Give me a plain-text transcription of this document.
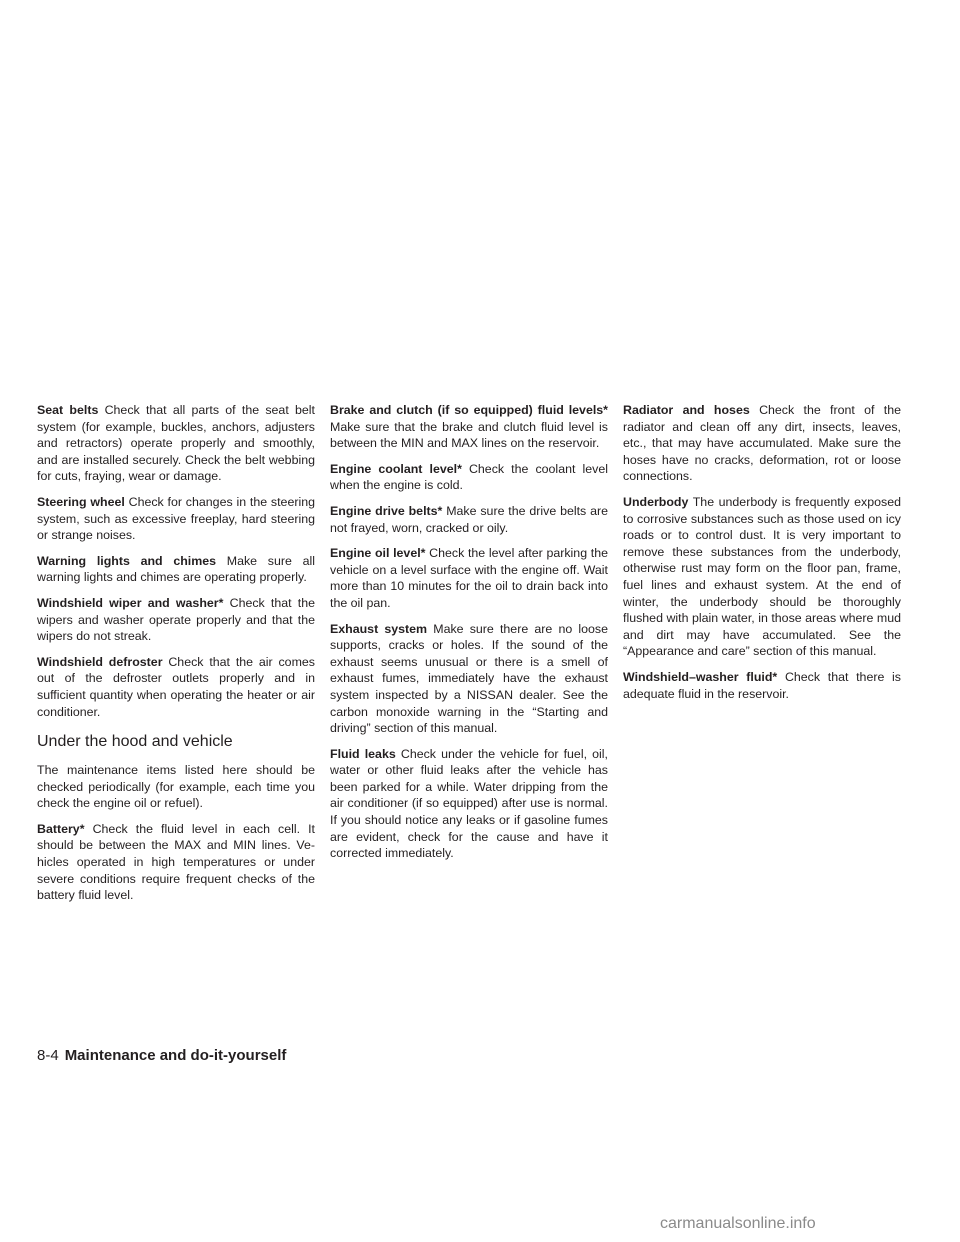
Seat belts Check that all parts of the seat belt system (for example, buckles, anchors, adjusters and retractors) operate properly and smoothly, and are installed securely. Check the belt webbing for cuts, fraying, wear or damage.

Steering wheel Check for changes in the steering system, such as excessive freeplay, hard steering or strange noises.

Warning lights and chimes Make sure all warning lights and chimes are operating properly.

Windshield wiper and washer* Check that the wipers and washer operate properly and that the wipers do not streak.

Windshield defroster Check that the air comes out of the defroster outlets properly and in sufficient quantity when operating the heater or air conditioner.

Under the hood and vehicle

The maintenance items listed here should be checked periodically (for example, each time you check the engine oil or refuel).

Battery* Check the fluid level in each cell. It should be between the MAX and MIN lines. Vehicles operated in high temperatures or under severe conditions require frequent checks of the battery fluid level.

Brake and clutch (if so equipped) fluid levels* Make sure that the brake and clutch fluid level is between the MIN and MAX lines on the reservoir.

Engine coolant level* Check the coolant level when the engine is cold.

Engine drive belts* Make sure the drive belts are not frayed, worn, cracked or oily.

Engine oil level* Check the level after parking the vehicle on a level surface with the engine off. Wait more than 10 minutes for the oil to drain back into the oil pan.

Exhaust system Make sure there are no loose supports, cracks or holes. If the sound of the exhaust seems unusual or there is a smell of exhaust fumes, immediately have the exhaust system inspected by a NISSAN dealer. See the carbon monoxide warning in the “Starting and driving” section of this manual.

Fluid leaks Check under the vehicle for fuel, oil, water or other fluid leaks after the vehicle has been parked for a while. Water dripping from the air conditioner (if so equipped) after use is normal. If you should notice any leaks or if gasoline fumes are evident, check for the cause and have it corrected immediately.

Radiator and hoses Check the front of the radiator and clean off any dirt, insects, leaves, etc., that may have accumulated. Make sure the hoses have no cracks, deformation, rot or loose connections.

Underbody The underbody is frequently exposed to corrosive substances such as those used on icy roads or to control dust. It is very important to remove these substances from the underbody, otherwise rust may form on the floor pan, frame, fuel lines and exhaust system. At the end of winter, the underbody should be thoroughly flushed with plain water, in those areas where mud and dirt may have accumulated. See the “Appearance and care” section of this manual.

Windshield–washer fluid* Check that there is adequate fluid in the reservoir.

8-4 Maintenance and do-it-yourself
carmanualsonline.info
